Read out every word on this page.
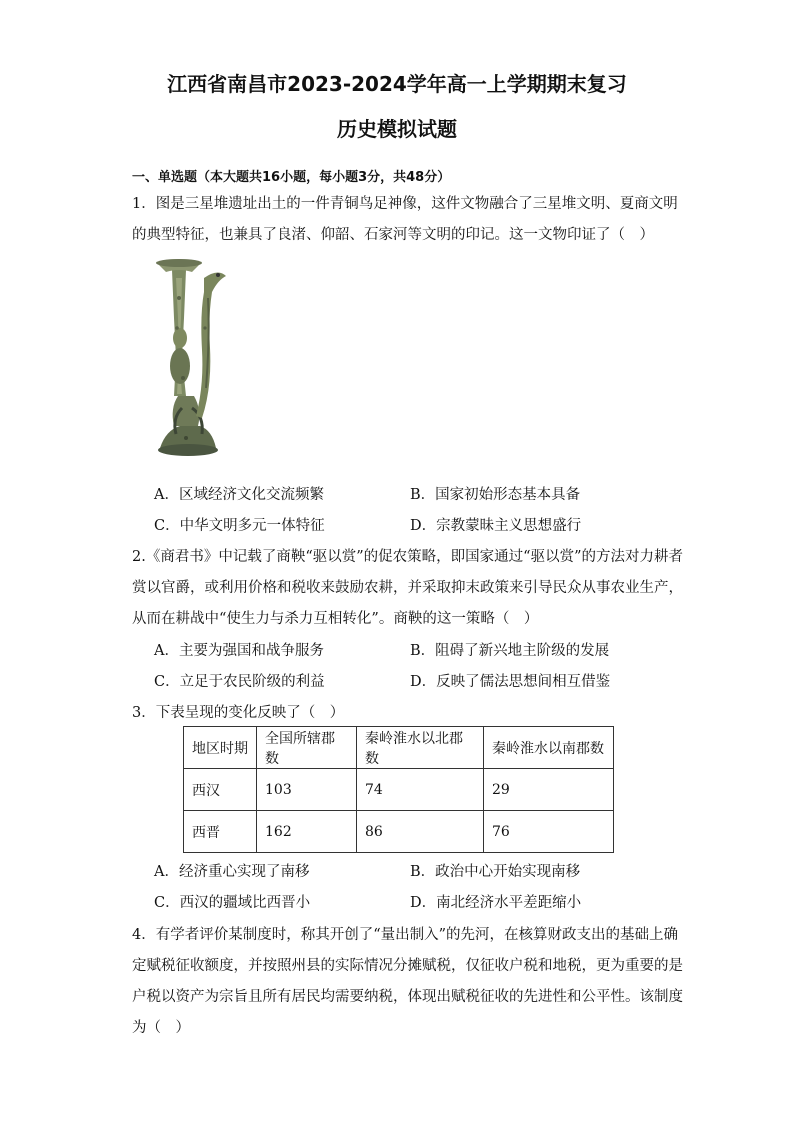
江西省南昌市2023-2024学年高一上学期期末复习
历史模拟试题
一、单选题（本大题共16小题，每小题3分，共48分）
1．图是三星堆遗址出土的一件青铜鸟足神像，这件文物融合了三星堆文明、夏商文明
的典型特征，也兼具了良渚、仰韶、石家河等文明的印记。这一文物印证了（　）
A．区域经济文化交流频繁	B．国家初始形态基本具备
C．中华文明多元一体特征	D．宗教蒙昧主义思想盛行
2.《商君书》中记载了商鞅“驱以赏”的促农策略，即国家通过“驱以赏”的方法对力耕者
赏以官爵，或利用价格和税收来鼓励农耕，并采取抑末政策来引导民众从事农业生产，
从而在耕战中“使生力与杀力互相转化”。商鞅的这一策略（　）
A．主要为强国和战争服务	B．阻碍了新兴地主阶级的发展
C．立足于农民阶级的利益	D．反映了儒法思想间相互借鉴
3．下表呈现的变化反映了（　）
地区时期	全国所辖郡数	秦岭淮水以北郡数	秦岭淮水以南郡数
西汉	103	74	29
西晋	162	86	76
A．经济重心实现了南移	B．政治中心开始实现南移
C．西汉的疆域比西晋小	D．南北经济水平差距缩小
4．有学者评价某制度时，称其开创了“量出制入”的先河，在核算财政支出的基础上确
定赋税征收额度，并按照州县的实际情况分摊赋税，仅征收户税和地税，更为重要的是
户税以资产为宗旨且所有居民均需要纳税，体现出赋税征收的先进性和公平性。该制度
为（　）
